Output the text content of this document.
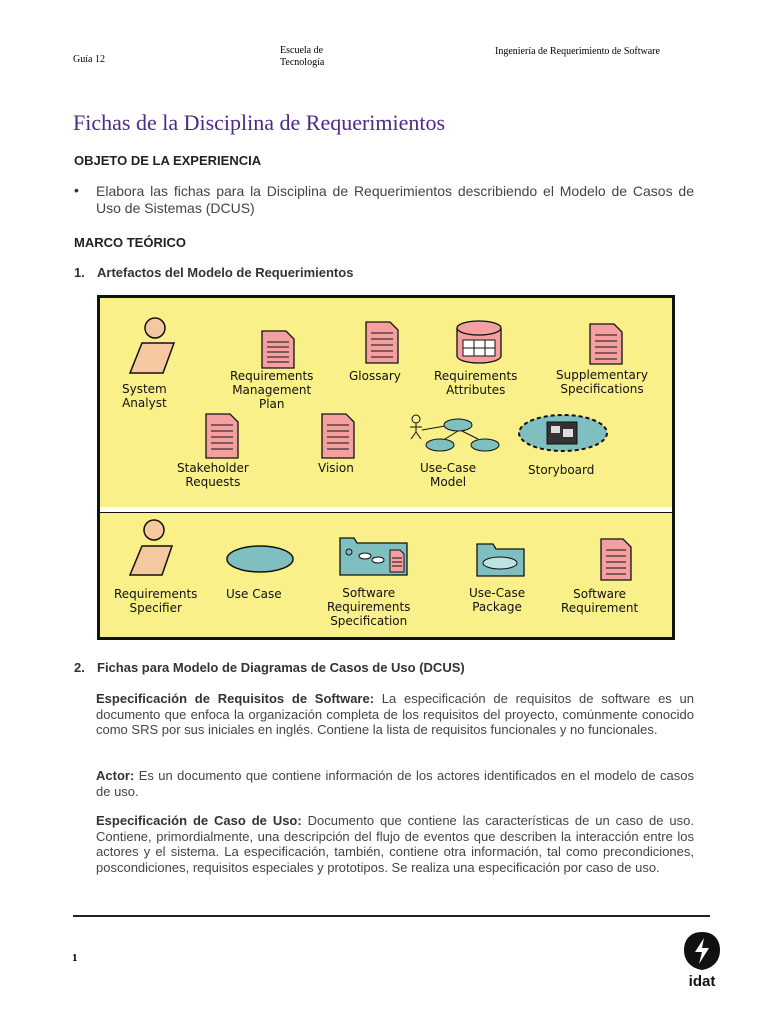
Guía 12
Escuela de
Tecnología
Ingeniería de Requerimiento de Software
Fichas de la Disciplina de Requerimientos
OBJETO DE LA EXPERIENCIA
• Elabora las fichas para la Disciplina de Requerimientos describiendo el Modelo de Casos de Uso de Sistemas (DCUS)
MARCO TEÓRICO
1. Artefactos del Modelo de Requerimientos
System
Analyst
Requirements
Management
Plan
Glossary	Requirements
Attributes
Supplementary
Specifications
Stakeholder
Requests
Vision	Use-Case
Model
Storyboard
Requirements
Specifier
Use Case	Software
Requirements
Specification
Use-Case
Package
Software
Requirement
2. Fichas para Modelo de Diagramas de Casos de Uso (DCUS)
Especificación de Requisitos de Software: La especificación de requisitos de software es un documento que enfoca la organización completa de los requisitos del proyecto, comúnmente conocido como SRS por sus iniciales en inglés. Contiene la lista de requisitos funcionales y no funcionales.
Actor: Es un documento que contiene información de los actores identificados en el modelo de casos de uso.
Especificación de Caso de Uso: Documento que contiene las características de un caso de uso. Contiene, primordialmente, una descripción del flujo de eventos que describen la interacción entre los actores y el sistema. La especificación, también, contiene otra información, tal como precondiciones, poscondiciones, requisitos especiales y prototipos. Se realiza una especificación por caso de uso.
1
idat
